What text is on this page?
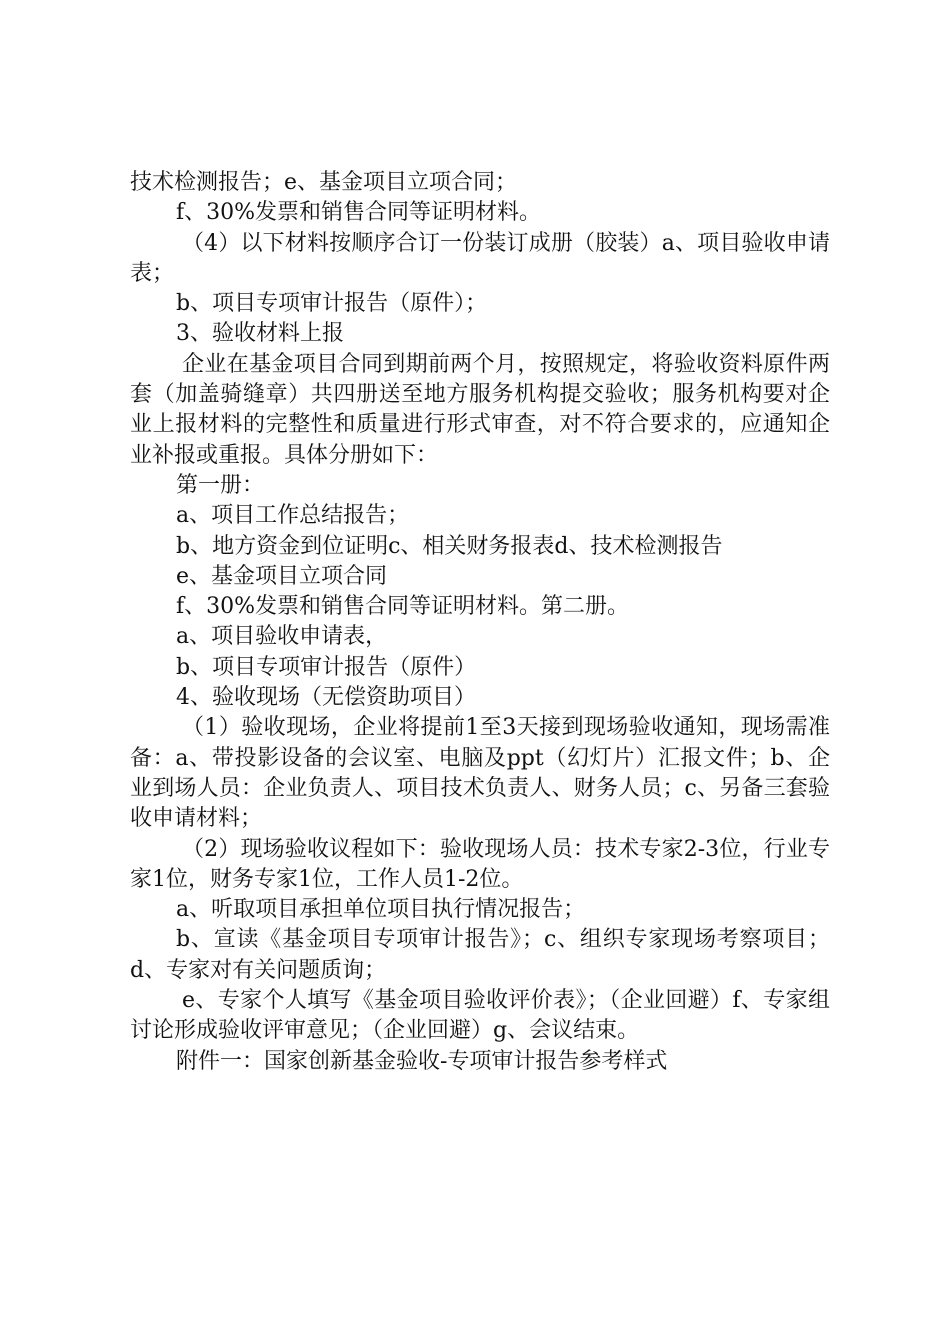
技术检测报告；e、基金项目立项合同；

f、30%发票和销售合同等证明材料。

（4）以下材料按顺序合订一份装订成册（胶装）a、项目验收申请表；

b、项目专项审计报告（原件）；

3、验收材料上报

企业在基金项目合同到期前两个月，按照规定，将验收资料原件两套（加盖骑缝章）共四册送至地方服务机构提交验收；服务机构要对企业上报材料的完整性和质量进行形式审查，对不符合要求的，应通知企业补报或重报。具体分册如下：

第一册：

a、项目工作总结报告；

b、地方资金到位证明c、相关财务报表d、技术检测报告

e、基金项目立项合同

f、30%发票和销售合同等证明材料。第二册。

a、项目验收申请表，

b、项目专项审计报告（原件）

4、验收现场（无偿资助项目）

（1）验收现场，企业将提前1至3天接到现场验收通知，现场需准备：a、带投影设备的会议室、电脑及ppt（幻灯片）汇报文件；b、企业到场人员：企业负责人、项目技术负责人、财务人员；c、另备三套验收申请材料；

（2）现场验收议程如下：验收现场人员：技术专家2-3位，行业专家1位，财务专家1位，工作人员1-2位。

a、听取项目承担单位项目执行情况报告；

b、宣读《基金项目专项审计报告》；c、组织专家现场考察项目；d、专家对有关问题质询；

e、专家个人填写《基金项目验收评价表》；（企业回避）f、专家组讨论形成验收评审意见；（企业回避）g、会议结束。

附件一：国家创新基金验收-专项审计报告参考样式
